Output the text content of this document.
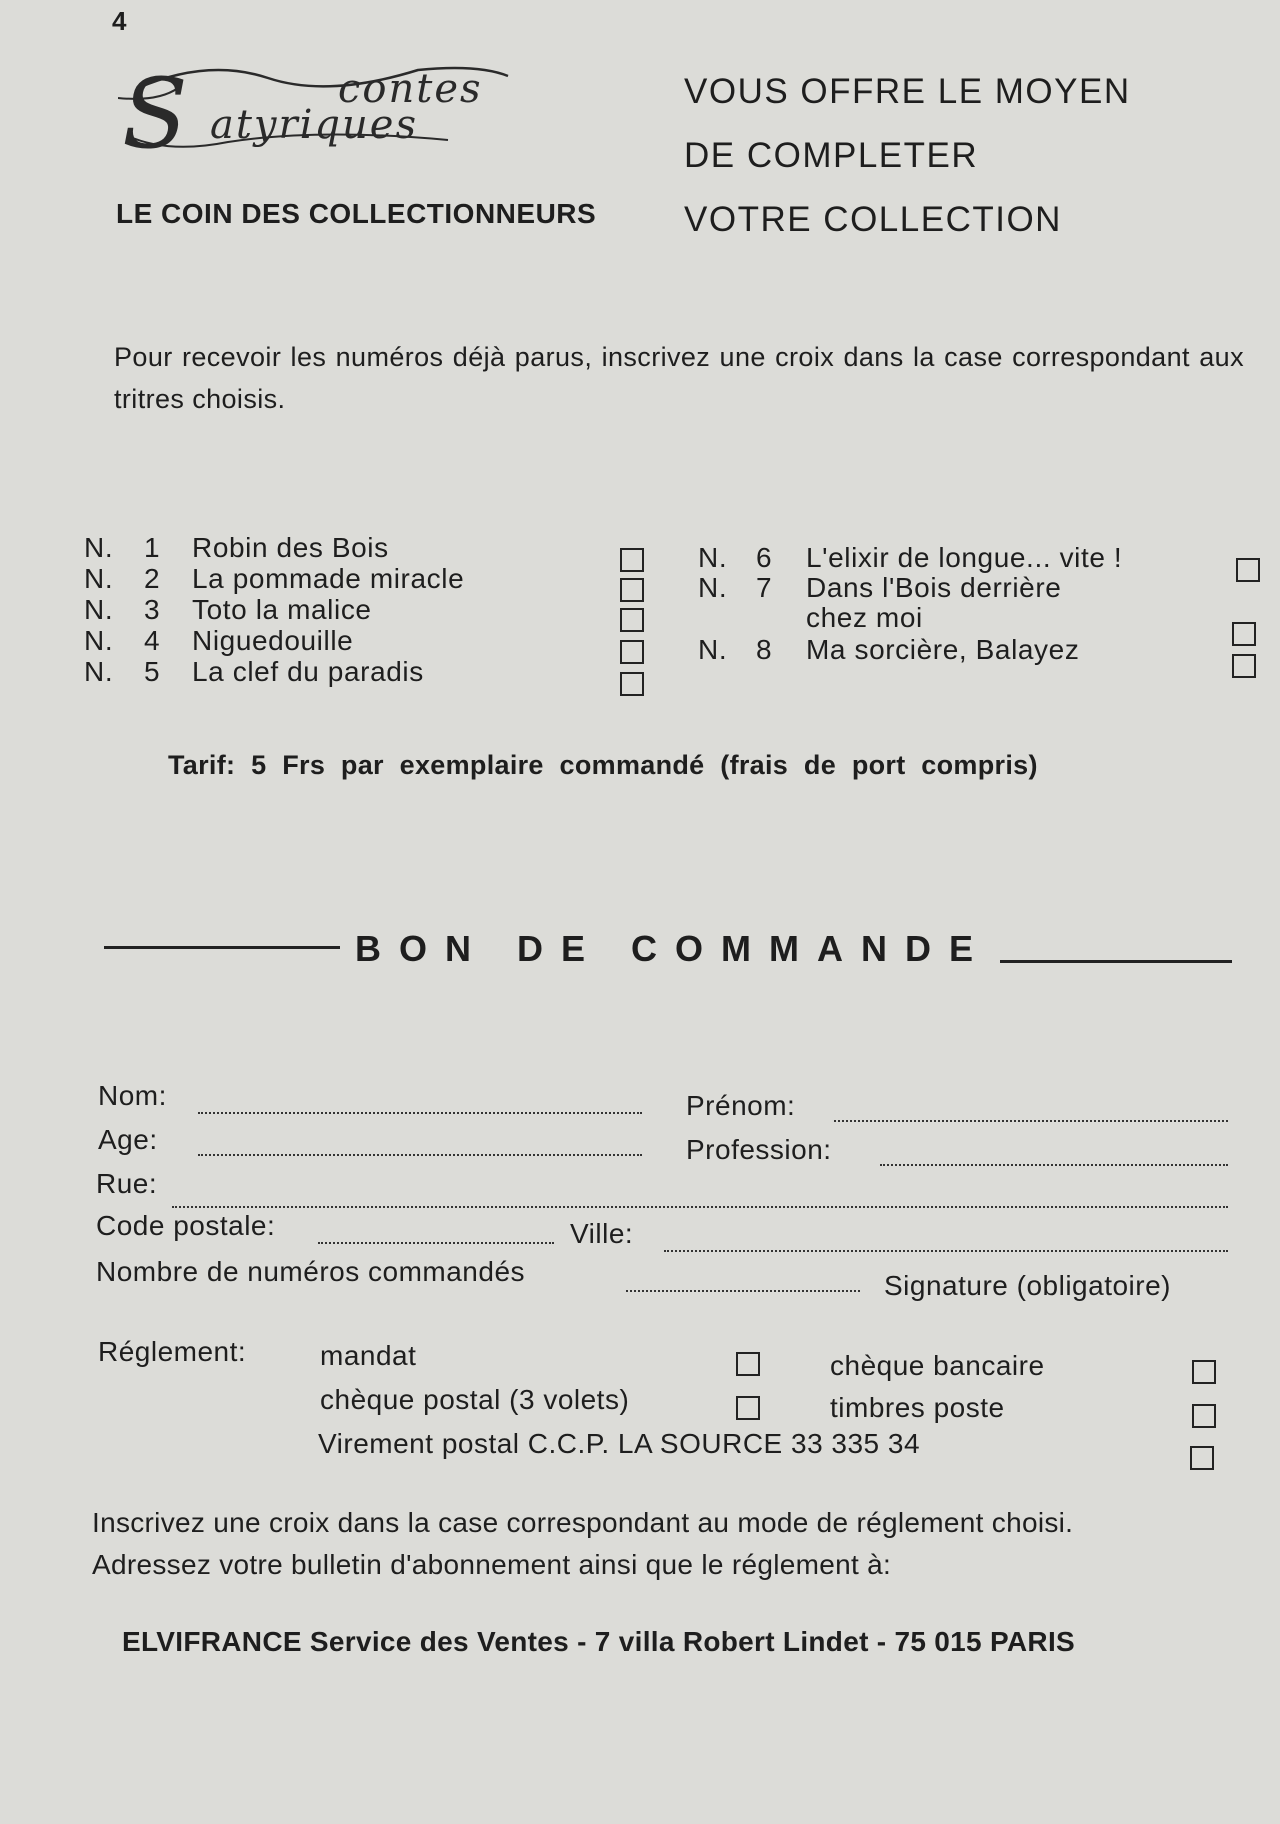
4
S	contes
atyriques
LE COIN DES COLLECTIONNEURS
VOUS OFFRE LE MOYEN
DE COMPLETER
VOTRE COLLECTION
Pour recevoir les numéros déjà parus, inscrivez une croix dans la case correspondant aux tritres choisis.
N. 1 Robin des Bois
N. 2 La pommade miracle
N. 3 Toto la malice
N. 4 Niguedouille
N. 5 La clef du paradis
N. 6 L'elixir de longue... vite !
N. 7 Dans l'Bois derrière
chez moi
N. 8 Ma sorcière, Balayez
Tarif: 5 Frs par exemplaire commandé (frais de port compris)
BON DE COMMANDE
Nom:	Prénom:
Age:	Profession:
Rue:
Code postale:	Ville:
Nombre de numéros commandés	Signature (obligatoire)
Réglement:	mandat	chèque bancaire
chèque postal (3 volets)	timbres poste
Virement postal C.C.P. LA SOURCE 33 335 34
Inscrivez une croix dans la case correspondant au mode de réglement choisi.
Adressez votre bulletin d'abonnement ainsi que le réglement à:
ELVIFRANCE Service des Ventes - 7 villa Robert Lindet - 75 015 PARIS
